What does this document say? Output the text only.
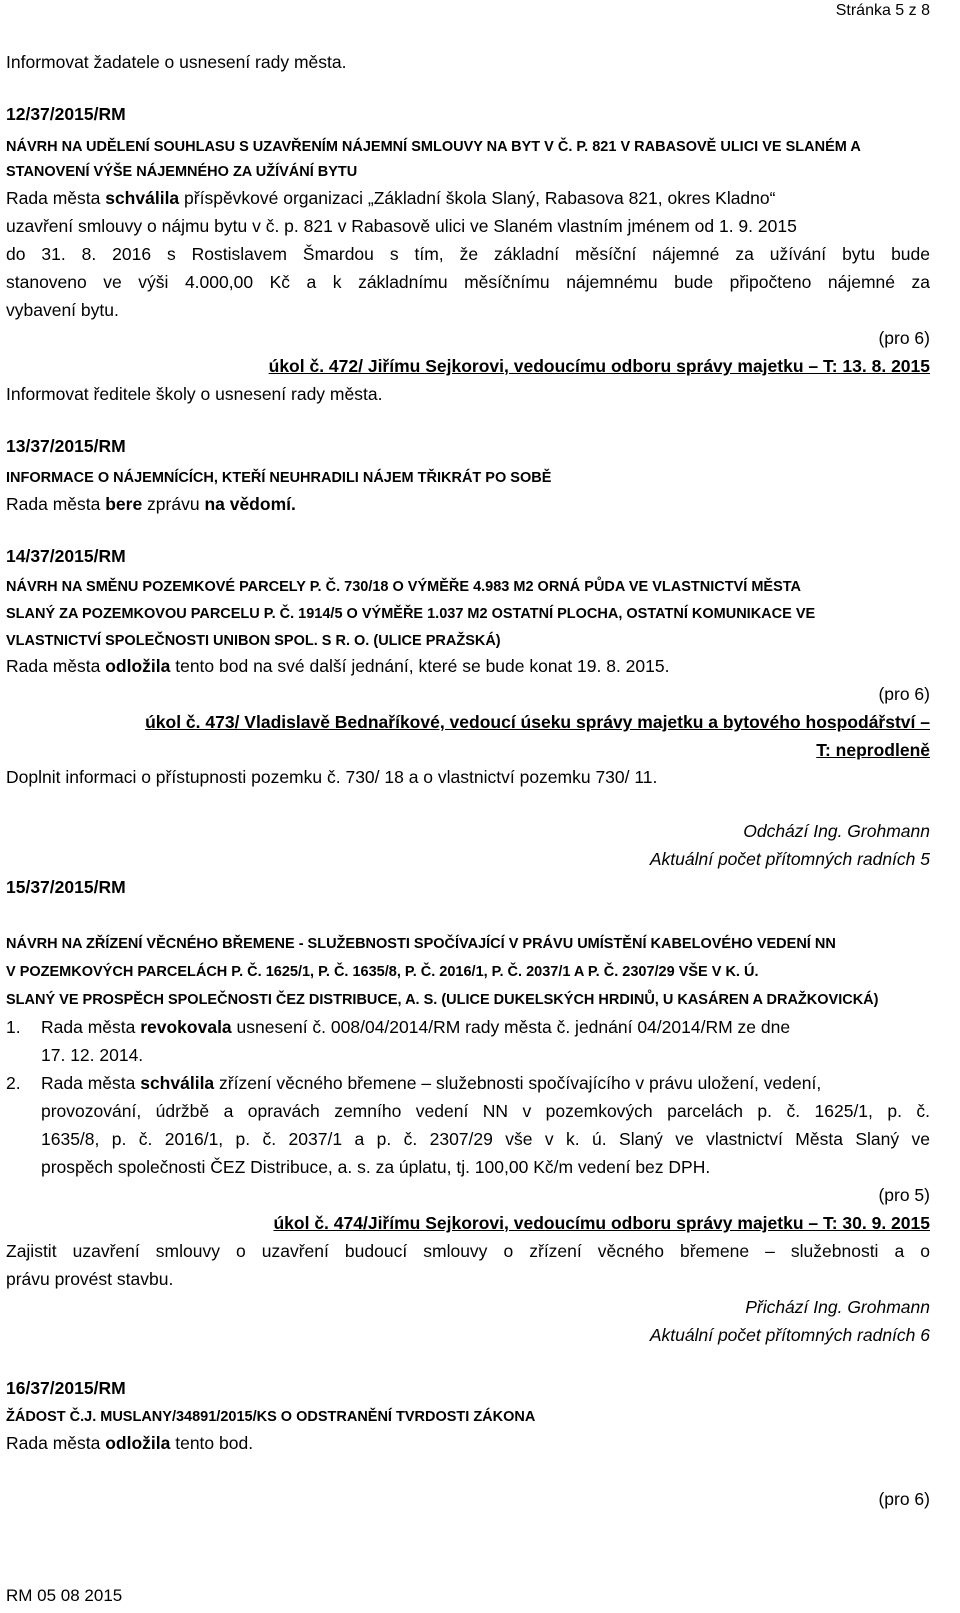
Stránka 5 z 8
Informovat žadatele o usnesení rady města.
12/37/2015/RM
NÁVRH NA UDĚLENÍ SOUHLASU S UZAVŘENÍM NÁJEMNÍ SMLOUVY NA BYT V Č. P. 821 V RABASOVĚ ULICI VE SLANÉM A
STANOVENÍ VÝŠE NÁJEMNÉHO ZA UŽÍVÁNÍ BYTU
Rada města schválila příspěvkové organizaci „Základní škola Slaný, Rabasova 821, okres Kladno“
uzavření smlouvy o nájmu bytu v č. p. 821 v Rabasově ulici ve Slaném vlastním jménem od 1. 9. 2015
do 31. 8. 2016 s Rostislavem Šmardou s tím, že základní měsíční nájemné za užívání bytu bude
stanoveno ve výši 4.000,00 Kč a k základnímu měsíčnímu nájemnému bude připočteno nájemné za
vybavení bytu.
(pro 6)
úkol č. 472/ Jiřímu Sejkorovi, vedoucímu odboru správy majetku – T: 13. 8. 2015
Informovat ředitele školy o usnesení rady města.
13/37/2015/RM
INFORMACE O NÁJEMNÍCÍCH, KTEŘÍ NEUHRADILI NÁJEM TŘIKRÁT PO SOBĚ
Rada města bere zprávu na vědomí.
14/37/2015/RM
NÁVRH NA SMĚNU POZEMKOVÉ PARCELY P. Č. 730/18 O VÝMĚŘE 4.983 M2 ORNÁ PŮDA VE VLASTNICTVÍ MĚSTA
SLANÝ ZA POZEMKOVOU PARCELU P. Č. 1914/5 O VÝMĚŘE 1.037 M2 OSTATNÍ PLOCHA, OSTATNÍ KOMUNIKACE VE
VLASTNICTVÍ SPOLEČNOSTI UNIBON SPOL. S R. O. (ULICE PRAŽSKÁ)
Rada města odložila tento bod na své další jednání, které se bude konat 19. 8. 2015.
(pro 6)
úkol č. 473/ Vladislavě Bednaříkové, vedoucí úseku správy majetku a bytového hospodářství –
T: neprodleně
Doplnit informaci o přístupnosti pozemku č. 730/ 18 a o vlastnictví pozemku 730/ 11.
Odchází Ing. Grohmann
Aktuální počet přítomných radních 5
15/37/2015/RM
NÁVRH NA ZŘÍZENÍ VĚCNÉHO BŘEMENE - SLUŽEBNOSTI SPOČÍVAJÍCÍ V PRÁVU UMÍSTĚNÍ KABELOVÉHO VEDENÍ NN
V POZEMKOVÝCH PARCELÁCH P. Č. 1625/1, P. Č. 1635/8, P. Č. 2016/1, P. Č. 2037/1 A P. Č. 2307/29 VŠE V K. Ú.
SLANÝ VE PROSPĚCH SPOLEČNOSTI ČEZ DISTRIBUCE, A. S. (ULICE DUKELSKÝCH HRDINŮ, U KASÁREN A DRAŽKOVICKÁ)
1. Rada města revokovala usnesení č. 008/04/2014/RM rady města č. jednání 04/2014/RM ze dne
17. 12. 2014.
2. Rada města schválila zřízení věcného břemene – služebnosti spočívajícího v právu uložení, vedení,
provozování, údržbě a opravách zemního vedení NN v pozemkových parcelách p. č. 1625/1, p. č.
1635/8, p. č. 2016/1, p. č. 2037/1 a p. č. 2307/29 vše v k. ú. Slaný ve vlastnictví Města Slaný ve
prospěch společnosti ČEZ Distribuce, a. s. za úplatu, tj. 100,00 Kč/m vedení bez DPH.
(pro 5)
úkol č. 474/Jiřímu Sejkorovi, vedoucímu odboru správy majetku – T: 30. 9. 2015
Zajistit uzavření smlouvy o uzavření budoucí smlouvy o zřízení věcného břemene – služebnosti a o
právu provést stavbu.
Přichází Ing. Grohmann
Aktuální počet přítomných radních 6
16/37/2015/RM
ŽÁDOST Č.J. MUSLANY/34891/2015/KS O ODSTRANĚNÍ TVRDOSTI ZÁKONA
Rada města odložila tento bod.
(pro 6)
RM 05 08 2015
